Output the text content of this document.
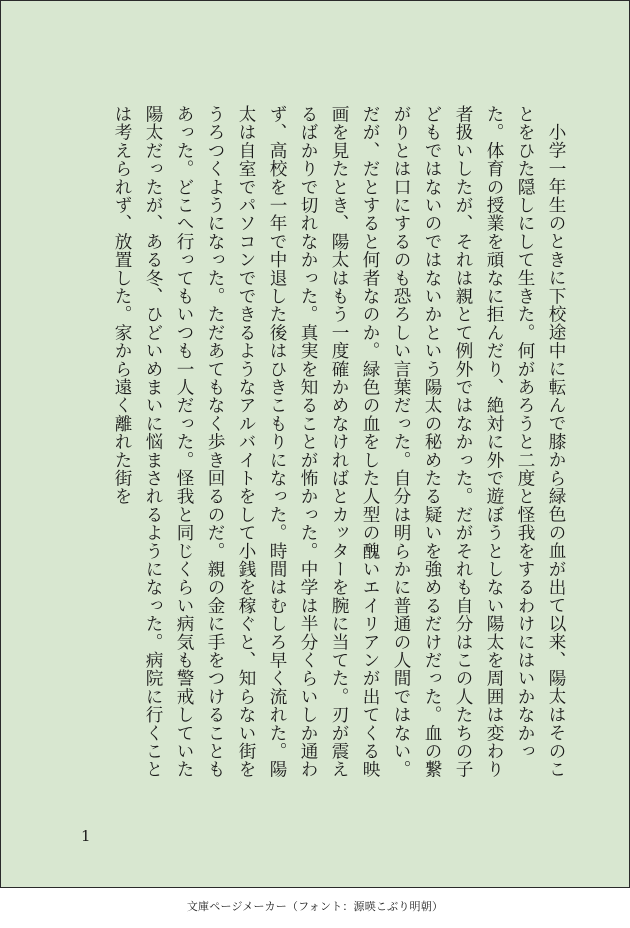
小学一年生のときに下校途中に転んで膝から緑色の血が出て以来、陽太はそのことをひた隠しにして生きた。何があろうと二度と怪我をするわけにはいかなかった。体育の授業を頑なに拒んだり、絶対に外で遊ぼうとしない陽太を周囲は変わり者扱いしたが、それは親とて例外ではなかった。だがそれも自分はこの人たちの子どもではないのではないかという陽太の秘めたる疑いを強めるだけだった。血の繋がりとは口にするのも恐ろしい言葉だった。自分は明らかに普通の人間ではない。だが、だとすると何者なのか。緑色の血をした人型の醜いエイリアンが出てくる映画を見たとき、陽太はもう一度確かめなければとカッターを腕に当てた。刃が震えるばかりで切れなかった。真実を知ることが怖かった。中学は半分くらいしか通わず、高校を一年で中退した後はひきこもりになった。時間はむしろ早く流れた。陽太は自室でパソコンでできるようなアルバイトをして小銭を稼ぐと、知らない街をうろつくようになった。ただあてもなく歩き回るのだ。親の金に手をつけることもあった。どこへ行ってもいつも一人だった。怪我と同じくらい病気も警戒していた陽太だったが、ある冬、ひどいめまいに悩まされるようになった。病院に行くことは考えられず、放置した。家から遠く離れた街を

1
文庫ページメーカー（フォント：源暎こぶり明朝）
